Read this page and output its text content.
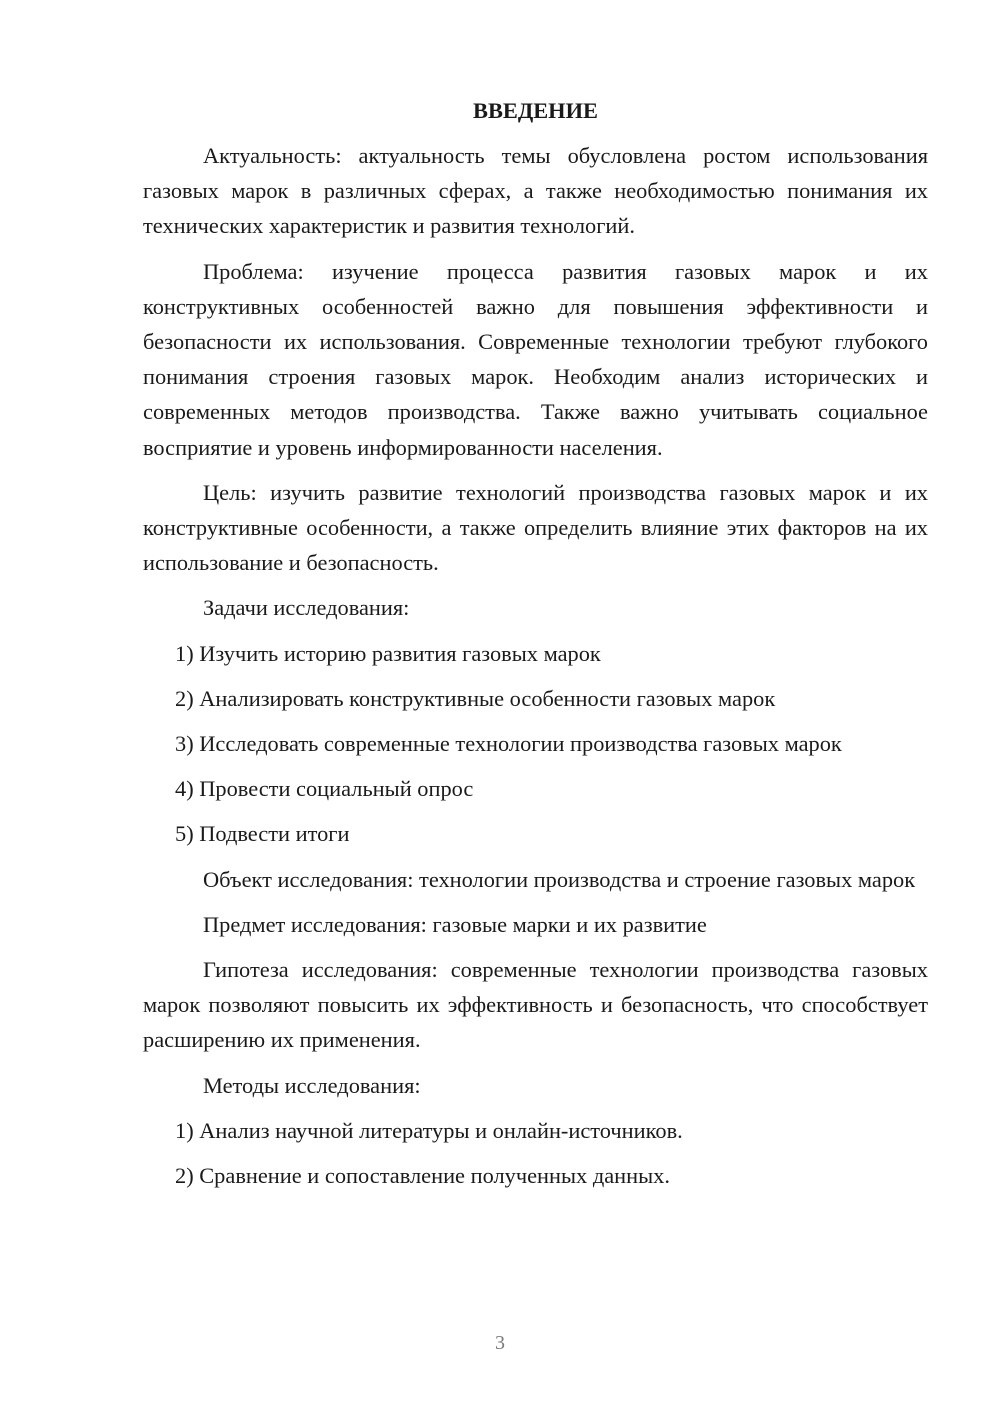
ВВЕДЕНИЕ

Актуальность: актуальность темы обусловлена ростом использования газовых марок в различных сферах, а также необходимостью понимания их технических характеристик и развития технологий.

Проблема: изучение процесса развития газовых марок и их конструктивных особенностей важно для повышения эффективности и безопасности их использования. Современные технологии требуют глубокого понимания строения газовых марок. Необходим анализ исторических и современных методов производства. Также важно учитывать социальное восприятие и уровень информированности населения.

Цель: изучить развитие технологий производства газовых марок и их конструктивные особенности, а также определить влияние этих факторов на их использование и безопасность.

Задачи исследования:

1) Изучить историю развития газовых марок
2) Анализировать конструктивные особенности газовых марок
3) Исследовать современные технологии производства газовых марок
4) Провести социальный опрос
5) Подвести итоги

Объект исследования: технологии производства и строение газовых марок

Предмет исследования: газовые марки и их развитие

Гипотеза исследования: современные технологии производства газовых марок позволяют повысить их эффективность и безопасность, что способствует расширению их применения.

Методы исследования:

1) Анализ научной литературы и онлайн-источников.
2) Сравнение и сопоставление полученных данных.
3
